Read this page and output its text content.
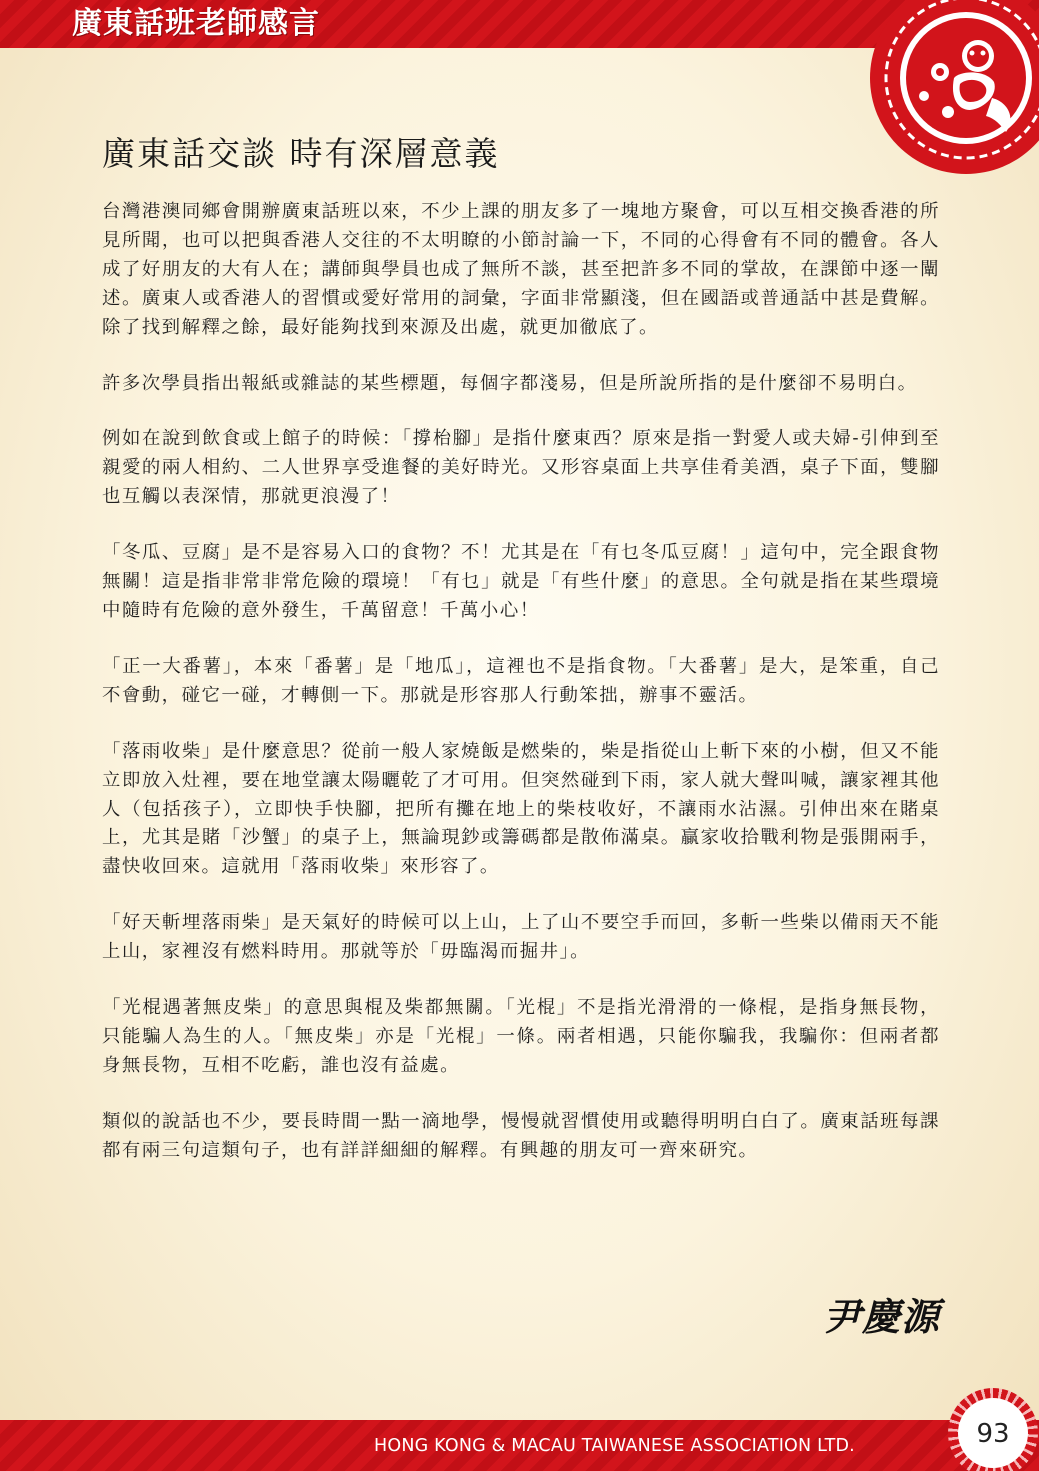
廣東話班老師感言
廣東話交談 時有深層意義

台灣港澳同鄉會開辦廣東話班以來，不少上課的朋友多了一塊地方聚會，可以互相交換香港的所見所聞，也可以把與香港人交往的不太明瞭的小節討論一下，不同的心得會有不同的體會。各人成了好朋友的大有人在；講師與學員也成了無所不談，甚至把許多不同的掌故，在課節中逐一闡述。廣東人或香港人的習慣或愛好常用的詞彙，字面非常顯淺，但在國語或普通話中甚是費解。除了找到解釋之餘，最好能夠找到來源及出處，就更加徹底了。

許多次學員指出報紙或雜誌的某些標題，每個字都淺易，但是所說所指的是什麼卻不易明白。

例如在說到飲食或上館子的時候：「撐枱腳」是指什麼東西？原來是指一對愛人或夫婦-引伸到至親愛的兩人相約、二人世界享受進餐的美好時光。又形容桌面上共享佳肴美酒，桌子下面，雙腳也互觸以表深情，那就更浪漫了！

「冬瓜、豆腐」是不是容易入口的食物？不！尤其是在「有乜冬瓜豆腐！」這句中，完全跟食物無關！這是指非常非常危險的環境！「有乜」就是「有些什麼」的意思。全句就是指在某些環境中隨時有危險的意外發生，千萬留意！千萬小心！

「正一大番薯」，本來「番薯」是「地瓜」，這裡也不是指食物。「大番薯」是大，是笨重，自己不會動，碰它一碰，才轉側一下。那就是形容那人行動笨拙，辦事不靈活。

「落雨收柴」是什麼意思？從前一般人家燒飯是燃柴的，柴是指從山上斬下來的小樹，但又不能立即放入灶裡，要在地堂讓太陽曬乾了才可用。但突然碰到下雨，家人就大聲叫喊，讓家裡其他人（包括孩子），立即快手快腳，把所有攤在地上的柴枝收好，不讓雨水沾濕。引伸出來在賭桌上，尤其是賭「沙蟹」的桌子上，無論現鈔或籌碼都是散佈滿桌。贏家收拾戰利物是張開兩手，盡快收回來。這就用「落雨收柴」來形容了。

「好天斬埋落雨柴」是天氣好的時候可以上山，上了山不要空手而回，多斬一些柴以備雨天不能上山，家裡沒有燃料時用。那就等於「毋臨渴而掘井」。

「光棍遇著無皮柴」的意思與棍及柴都無關。「光棍」不是指光滑滑的一條棍，是指身無長物，只能騙人為生的人。「無皮柴」亦是「光棍」一條。兩者相遇，只能你騙我，我騙你：但兩者都身無長物，互相不吃虧，誰也沒有益處。

類似的說話也不少，要長時間一點一滴地學，慢慢就習慣使用或聽得明明白白了。廣東話班每課都有兩三句這類句子，也有詳詳細細的解釋。有興趣的朋友可一齊來研究。

尹慶源
HONG KONG & MACAU TAIWANESE ASSOCIATION LTD.	93
